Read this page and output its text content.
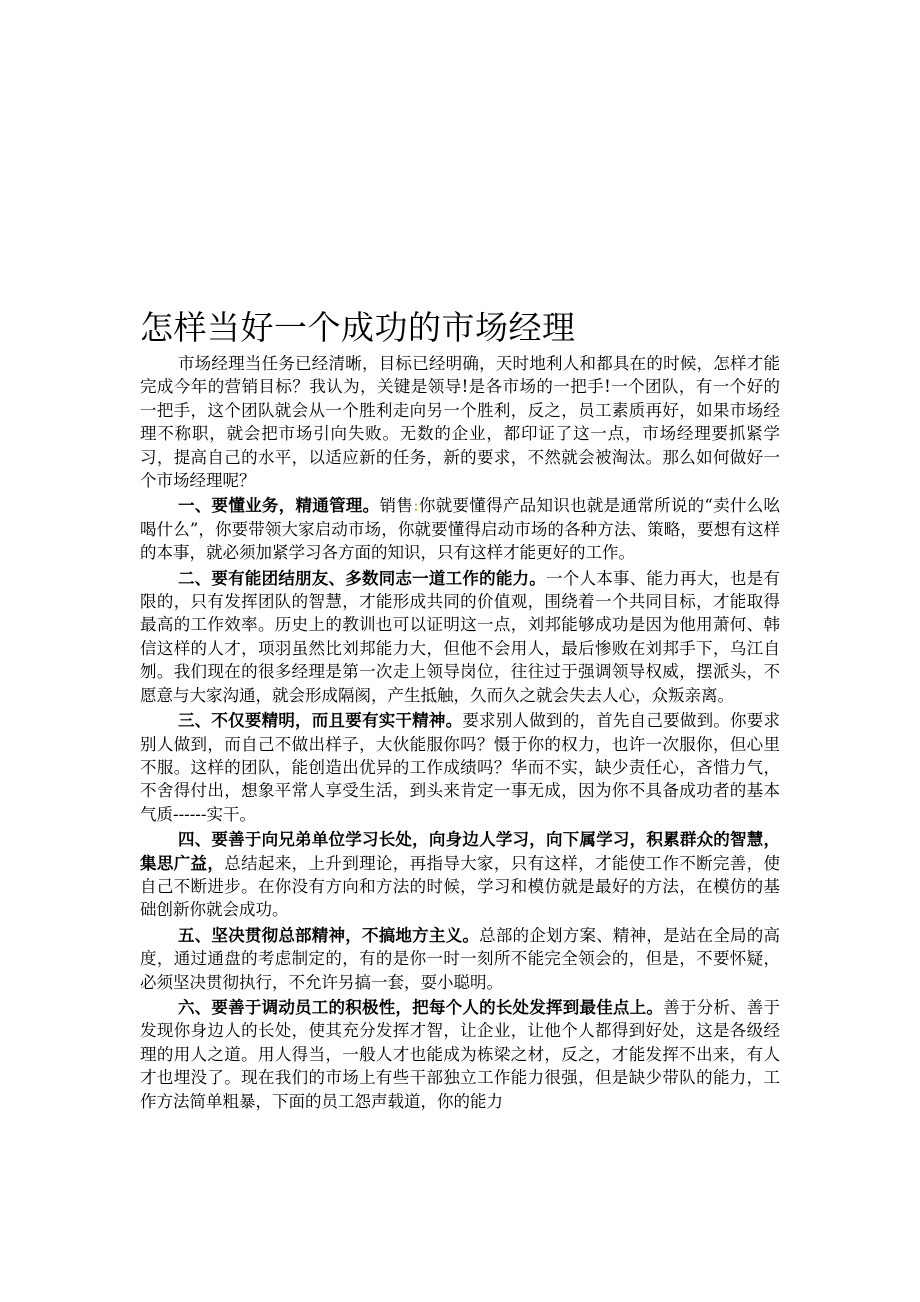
怎样当好一个成功的市场经理

市场经理当任务已经清晰，目标已经明确，天时地利人和都具在的时候，怎样才能完成今年的营销目标？我认为，关键是领导!是各市场的一把手!一个团队，有一个好的一把手，这个团队就会从一个胜利走向另一个胜利，反之，员工素质再好，如果市场经理不称职，就会把市场引向失败。无数的企业，都印证了这一点，市场经理要抓紧学习，提高自己的水平，以适应新的任务，新的要求，不然就会被淘汰。那么如何做好一个市场经理呢？

一、要懂业务，精通管理。销售:你就要懂得产品知识也就是通常所说的“卖什么吆喝什么”，你要带领大家启动市场，你就要懂得启动市场的各种方法、策略，要想有这样的本事，就必须加紧学习各方面的知识，只有这样才能更好的工作。

二、要有能团结朋友、多数同志一道工作的能力。一个人本事、能力再大，也是有限的，只有发挥团队的智慧，才能形成共同的价值观，围绕着一个共同目标，才能取得最高的工作效率。历史上的教训也可以证明这一点，刘邦能够成功是因为他用萧何、韩信这样的人才，项羽虽然比刘邦能力大，但他不会用人，最后惨败在刘邦手下，乌江自刎。我们现在的很多经理是第一次走上领导岗位，往往过于强调领导权威，摆派头，不愿意与大家沟通，就会形成隔阂，产生抵触，久而久之就会失去人心，众叛亲离。

三、不仅要精明，而且要有实干精神。要求别人做到的，首先自己要做到。你要求别人做到，而自己不做出样子，大伙能服你吗？慑于你的权力，也许一次服你，但心里不服。这样的团队，能创造出优异的工作成绩吗？华而不实，缺少责任心，吝惜力气，不舍得付出，想象平常人享受生活，到头来肯定一事无成，因为你不具备成功者的基本气质------实干。

四、要善于向兄弟单位学习长处，向身边人学习，向下属学习，积累群众的智慧，集思广益，总结起来，上升到理论，再指导大家，只有这样，才能使工作不断完善，使自己不断进步。在你没有方向和方法的时候，学习和模仿就是最好的方法，在模仿的基础创新你就会成功。

五、坚决贯彻总部精神，不搞地方主义。总部的企划方案、精神，是站在全局的高度，通过通盘的考虑制定的，有的是你一时一刻所不能完全领会的，但是，不要怀疑，必须坚决贯彻执行，不允许另搞一套，耍小聪明。

六、要善于调动员工的积极性，把每个人的长处发挥到最佳点上。善于分析、善于发现你身边人的长处，使其充分发挥才智，让企业，让他个人都得到好处，这是各级经理的用人之道。用人得当，一般人才也能成为栋梁之材，反之，才能发挥不出来，有人才也埋没了。现在我们的市场上有些干部独立工作能力很强，但是缺少带队的能力，工作方法简单粗暴，下面的员工怨声载道，你的能力
